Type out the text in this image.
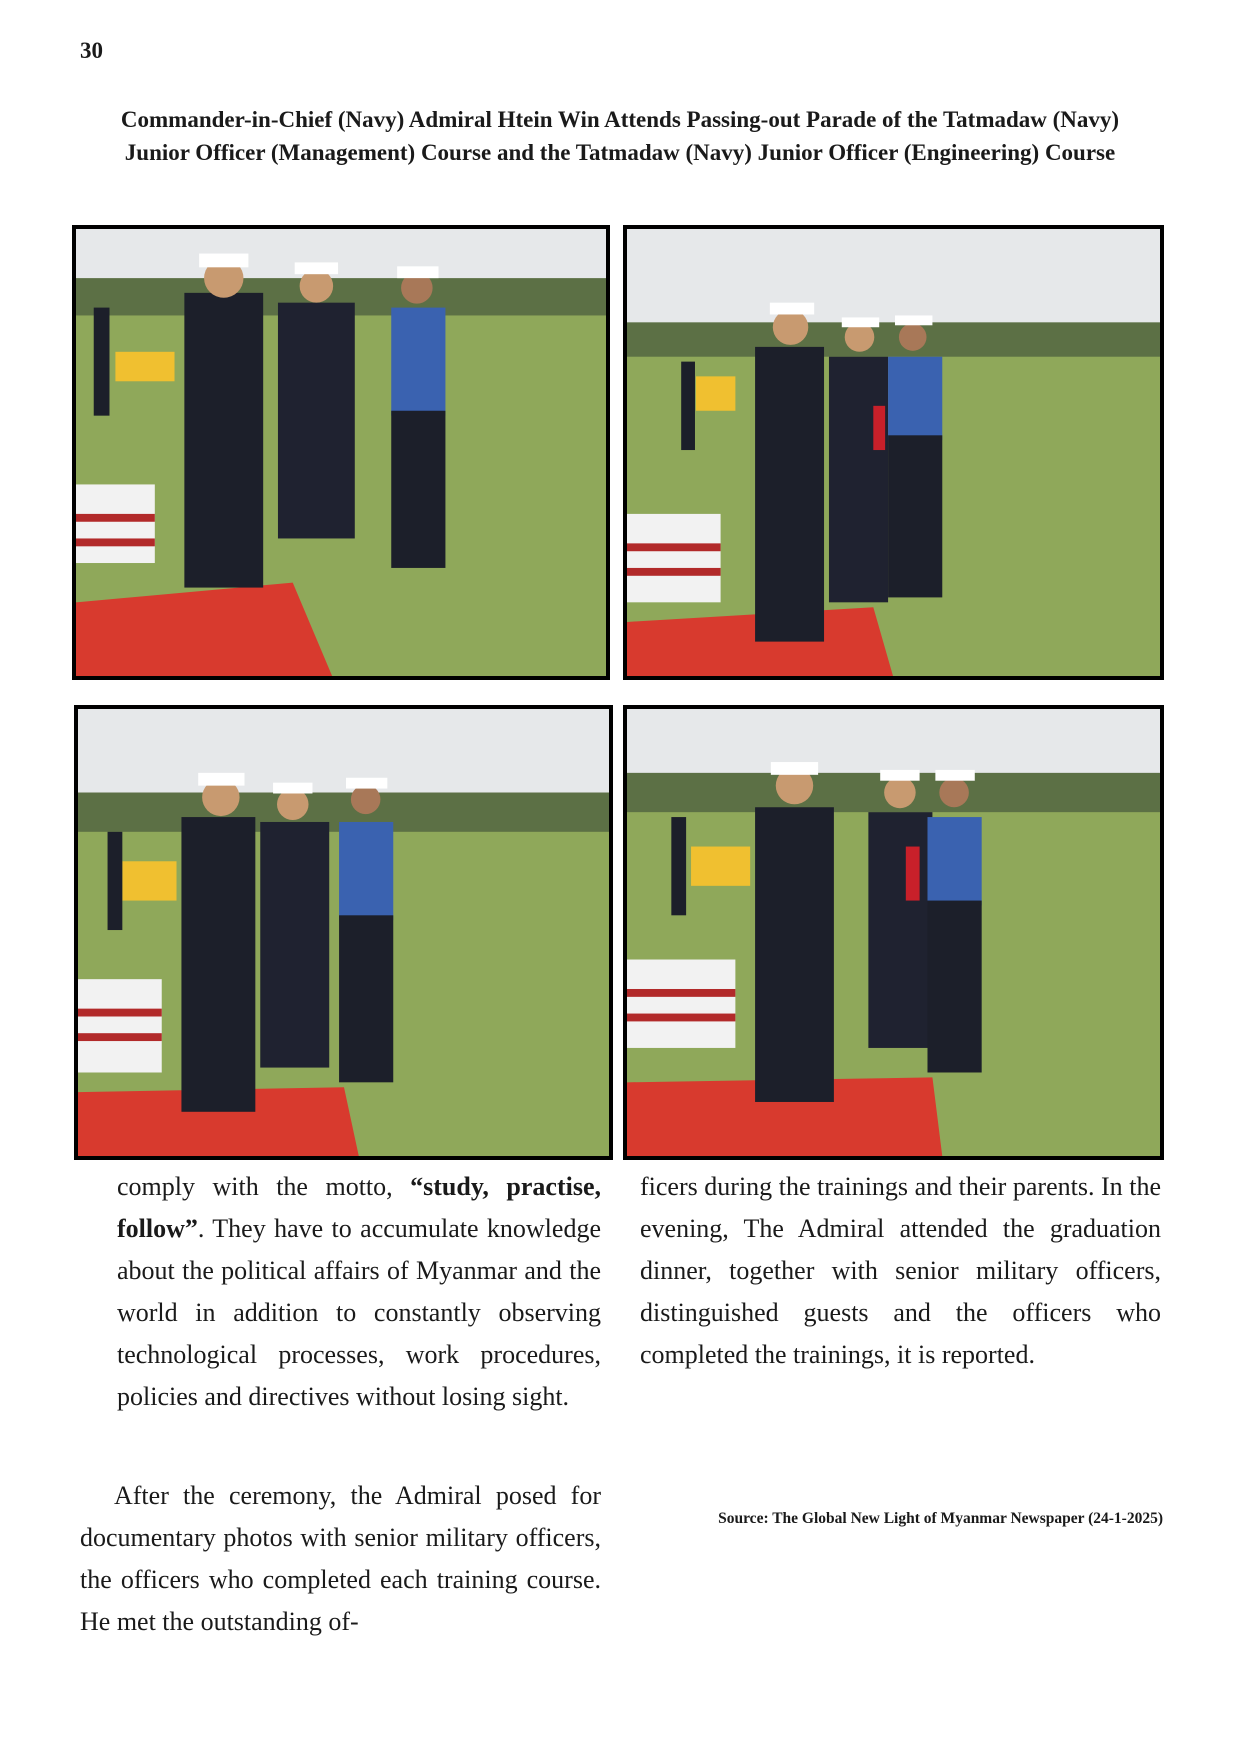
30
Commander-in-Chief (Navy) Admiral Htein Win Attends Passing-out Parade of the Tatmadaw (Navy) Junior Officer (Management) Course and the Tatmadaw (Navy) Junior Officer (Engineering) Course

comply with the motto, “study, practise, follow”. They have to accumulate knowledge about the political affairs of Myanmar and the world in addition to constantly observing technological processes, work procedures, policies and directives without losing sight.

After the ceremony, the Admiral posed for documentary photos with senior military officers, the officers who completed each training course. He met the outstanding of-

ficers during the trainings and their parents. In the evening, The Admiral attended the graduation dinner, together with senior military officers, distinguished guests and the officers who completed the trainings, it is reported.

Source: The Global New Light of Myanmar Newspaper (24-1-2025)
